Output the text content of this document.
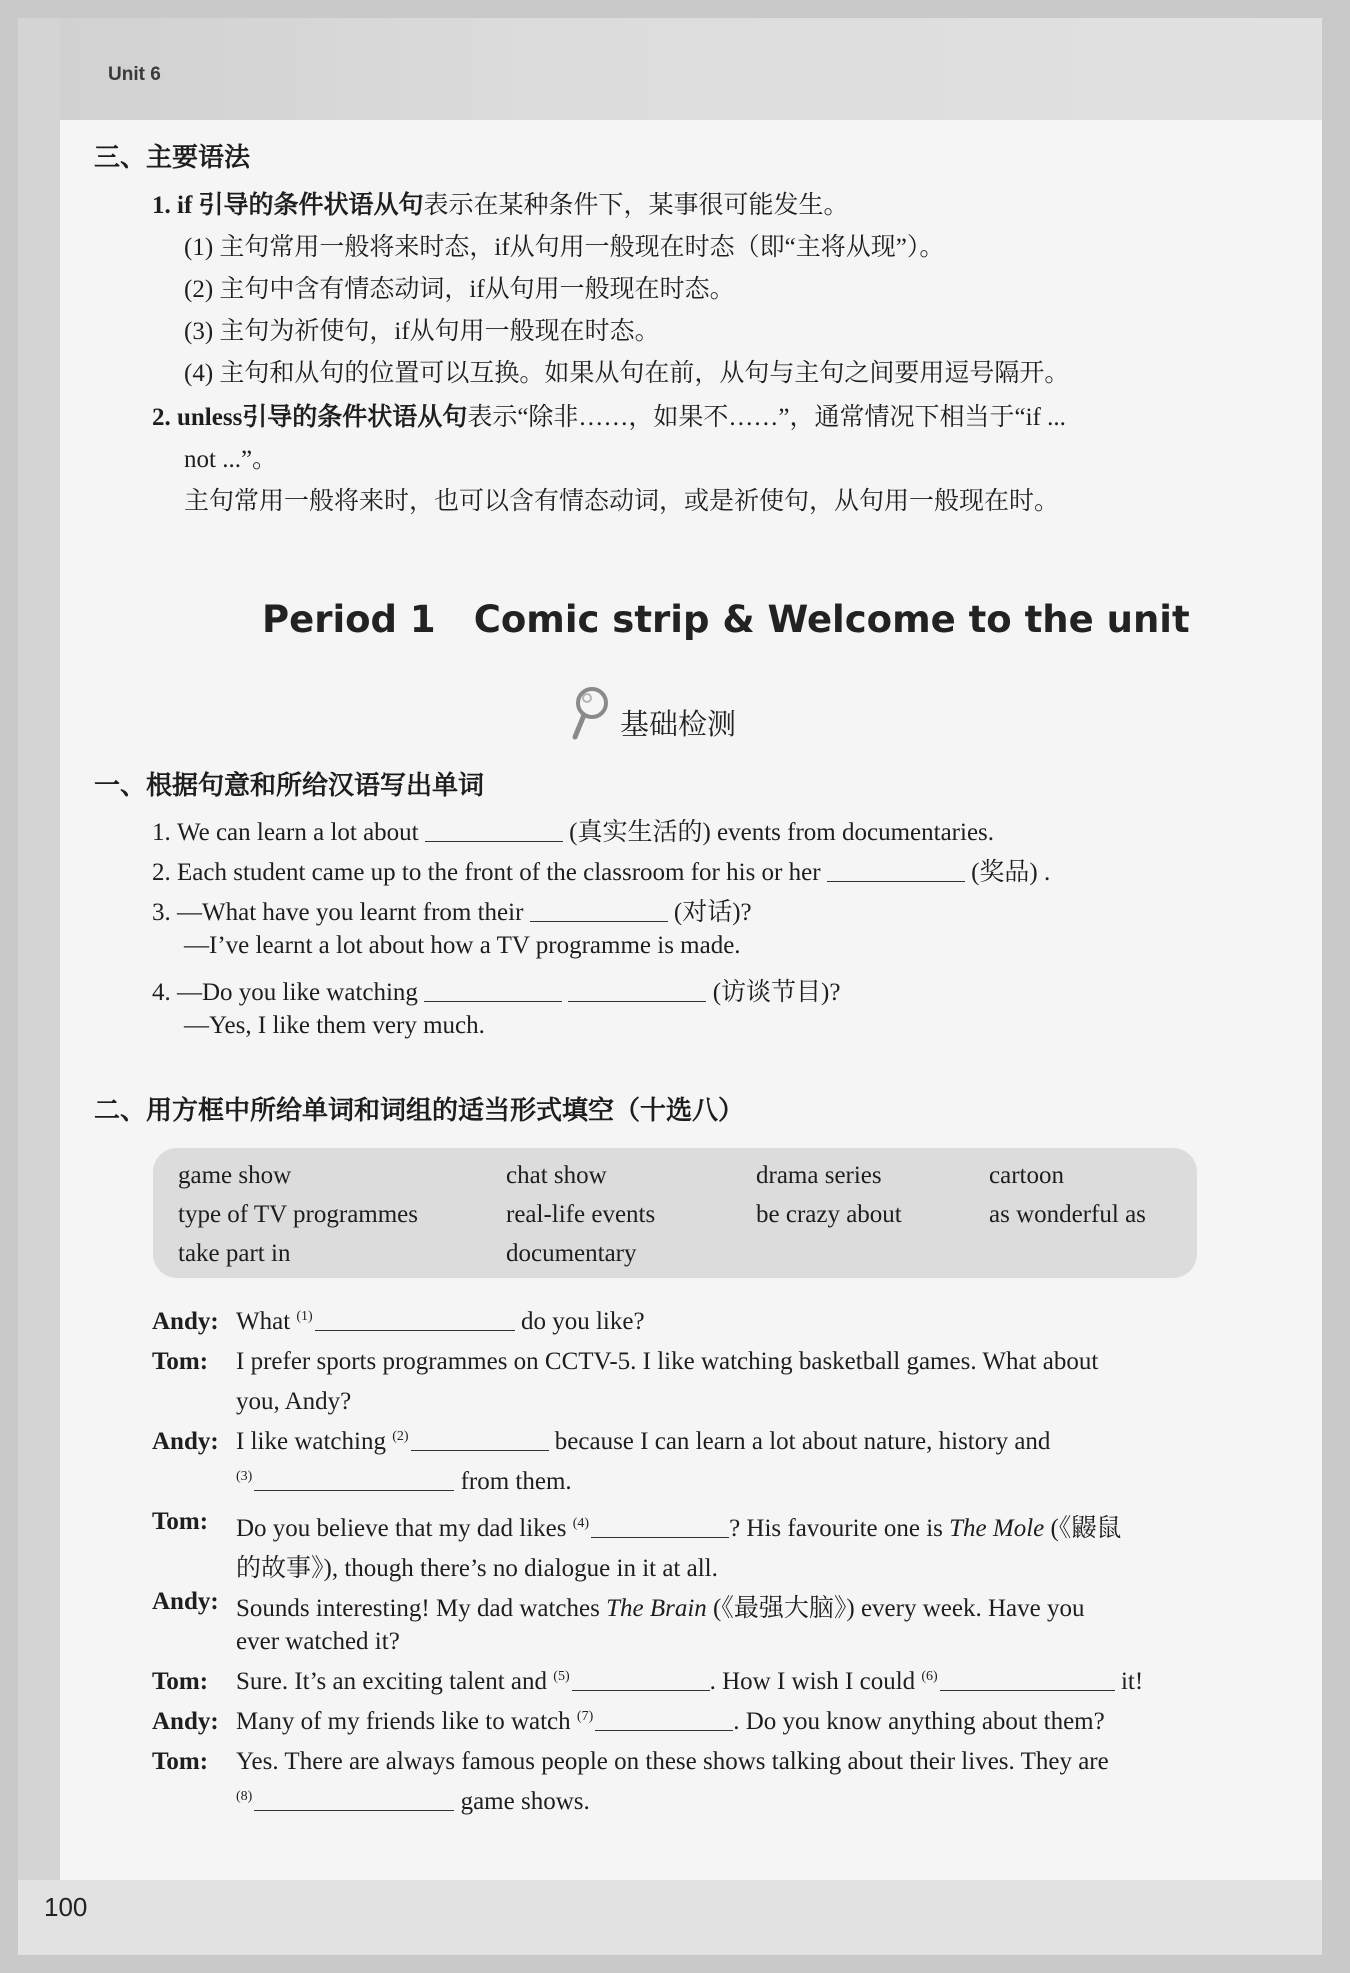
Unit 6
三、主要语法
1. if 引导的条件状语从句表示在某种条件下，某事很可能发生。
(1) 主句常用一般将来时态，if从句用一般现在时态（即“主将从现”）。
(2) 主句中含有情态动词，if从句用一般现在时态。
(3) 主句为祈使句，if从句用一般现在时态。
(4) 主句和从句的位置可以互换。如果从句在前，从句与主句之间要用逗号隔开。
2. unless引导的条件状语从句表示“除非……，如果不……”，通常情况下相当于“if ...
not ...”。
主句常用一般将来时，也可以含有情态动词，或是祈使句，从句用一般现在时。
Period 1 Comic strip & Welcome to the unit
基础检测
一、根据句意和所给汉语写出单词
1. We can learn a lot about	(真实生活的) events from documentaries.
2. Each student came up to the front of the classroom for his or her	(奖品) .
3. —What have you learnt from their	(对话)?
—I’ve learnt a lot about how a TV programme is made.
4. —Do you like watching	(访谈节目)?
—Yes, I like them very much.
二、用方框中所给单词和词组的适当形式填空（十选八）
game show	chat show	drama series	cartoon
type of TV programmes	real-life events	be crazy about	as wonderful as
take part in	documentary
Andy: What $^{(1)}$	do you like?
Tom: I prefer sports programmes on CCTV-5. I like watching basketball games. What about
you, Andy?
Andy: I like watching $^{(2)}$	because I can learn a lot about nature, history and
$^{(3)}$	from them.
Tom: Do you believe that my dad likes $^{(4)}$	? His favourite one is The Mole (《鼹鼠
的故事》), though there’s no dialogue in it at all.
Andy: Sounds interesting! My dad watches The Brain (《最强大脑》) every week. Have you
ever watched it?
Tom: Sure. It’s an exciting talent and $^{(5)}$	. How I wish I could $^{(6)}$	it!
Andy: Many of my friends like to watch $^{(7)}$	. Do you know anything about them?
Tom: Yes. There are always famous people on these shows talking about their lives. They are
$^{(8)}$	game shows.
100
